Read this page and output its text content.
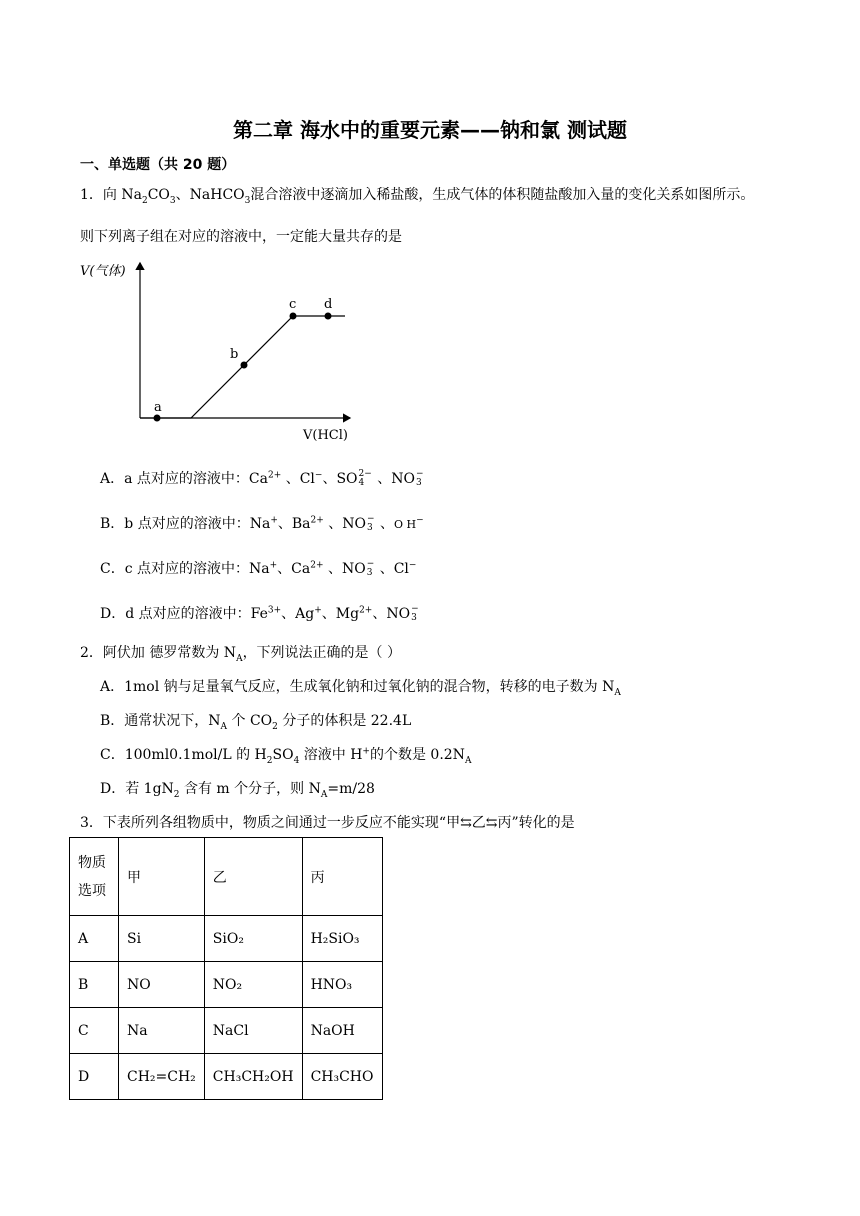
第二章 海水中的重要元素——钠和氯 测试题
一、单选题（共 20 题）
1．向 $Na_2CO_3$、NaHCO$_3$混合溶液中逐滴加入稀盐酸，生成气体的体积随盐酸加入量的变化关系如图所示。
则下列离子组在对应的溶液中，一定能大量共存的是
a
b
c d
V(气体)
V(HCl)
A．a 点对应的溶液中：$Ca^{2+}$ 、Cl−、SO 2−
4 、NO −
3
B．b 点对应的溶液中：Na+、$Ba^{2+}$ 、NO −
3 、O H−
C．c 点对应的溶液中：Na+、$Ca^{2+}$ 、NO −
3 、Cl−
D．d 点对应的溶液中：$Fe^{3+}$、Ag+、$Mg^{2+}$、NO −
3
2．阿伏加 德罗常数为 $N_A$，下列说法正确的是（ ）
A．1mol 钠与足量氧气反应，生成氧化钠和过氧化钠的混合物，转移的电子数为 $N_A$
B．通常状况下，$N_A$ 个 $CO_2$ 分子的体积是 22.4L
C．100ml0.1mol/L 的 $H_2SO_4$ 溶液中 H+的个数是 $0.2N_A$
D．若 $1gN_2$ 含有 m 个分子，则 $N_A=m/28$
3．下表所列各组物质中，物质之间通过一步反应不能实现“甲⇆乙⇆丙”转化的是
物质
选项	甲	乙	丙
A	Si	SiO₂	H₂SiO₃
B	NO	NO₂	HNO₃
C	Na	NaCl	NaOH
D	CH₂=CH₂	CH₃CH₂OH	CH₃CHO
